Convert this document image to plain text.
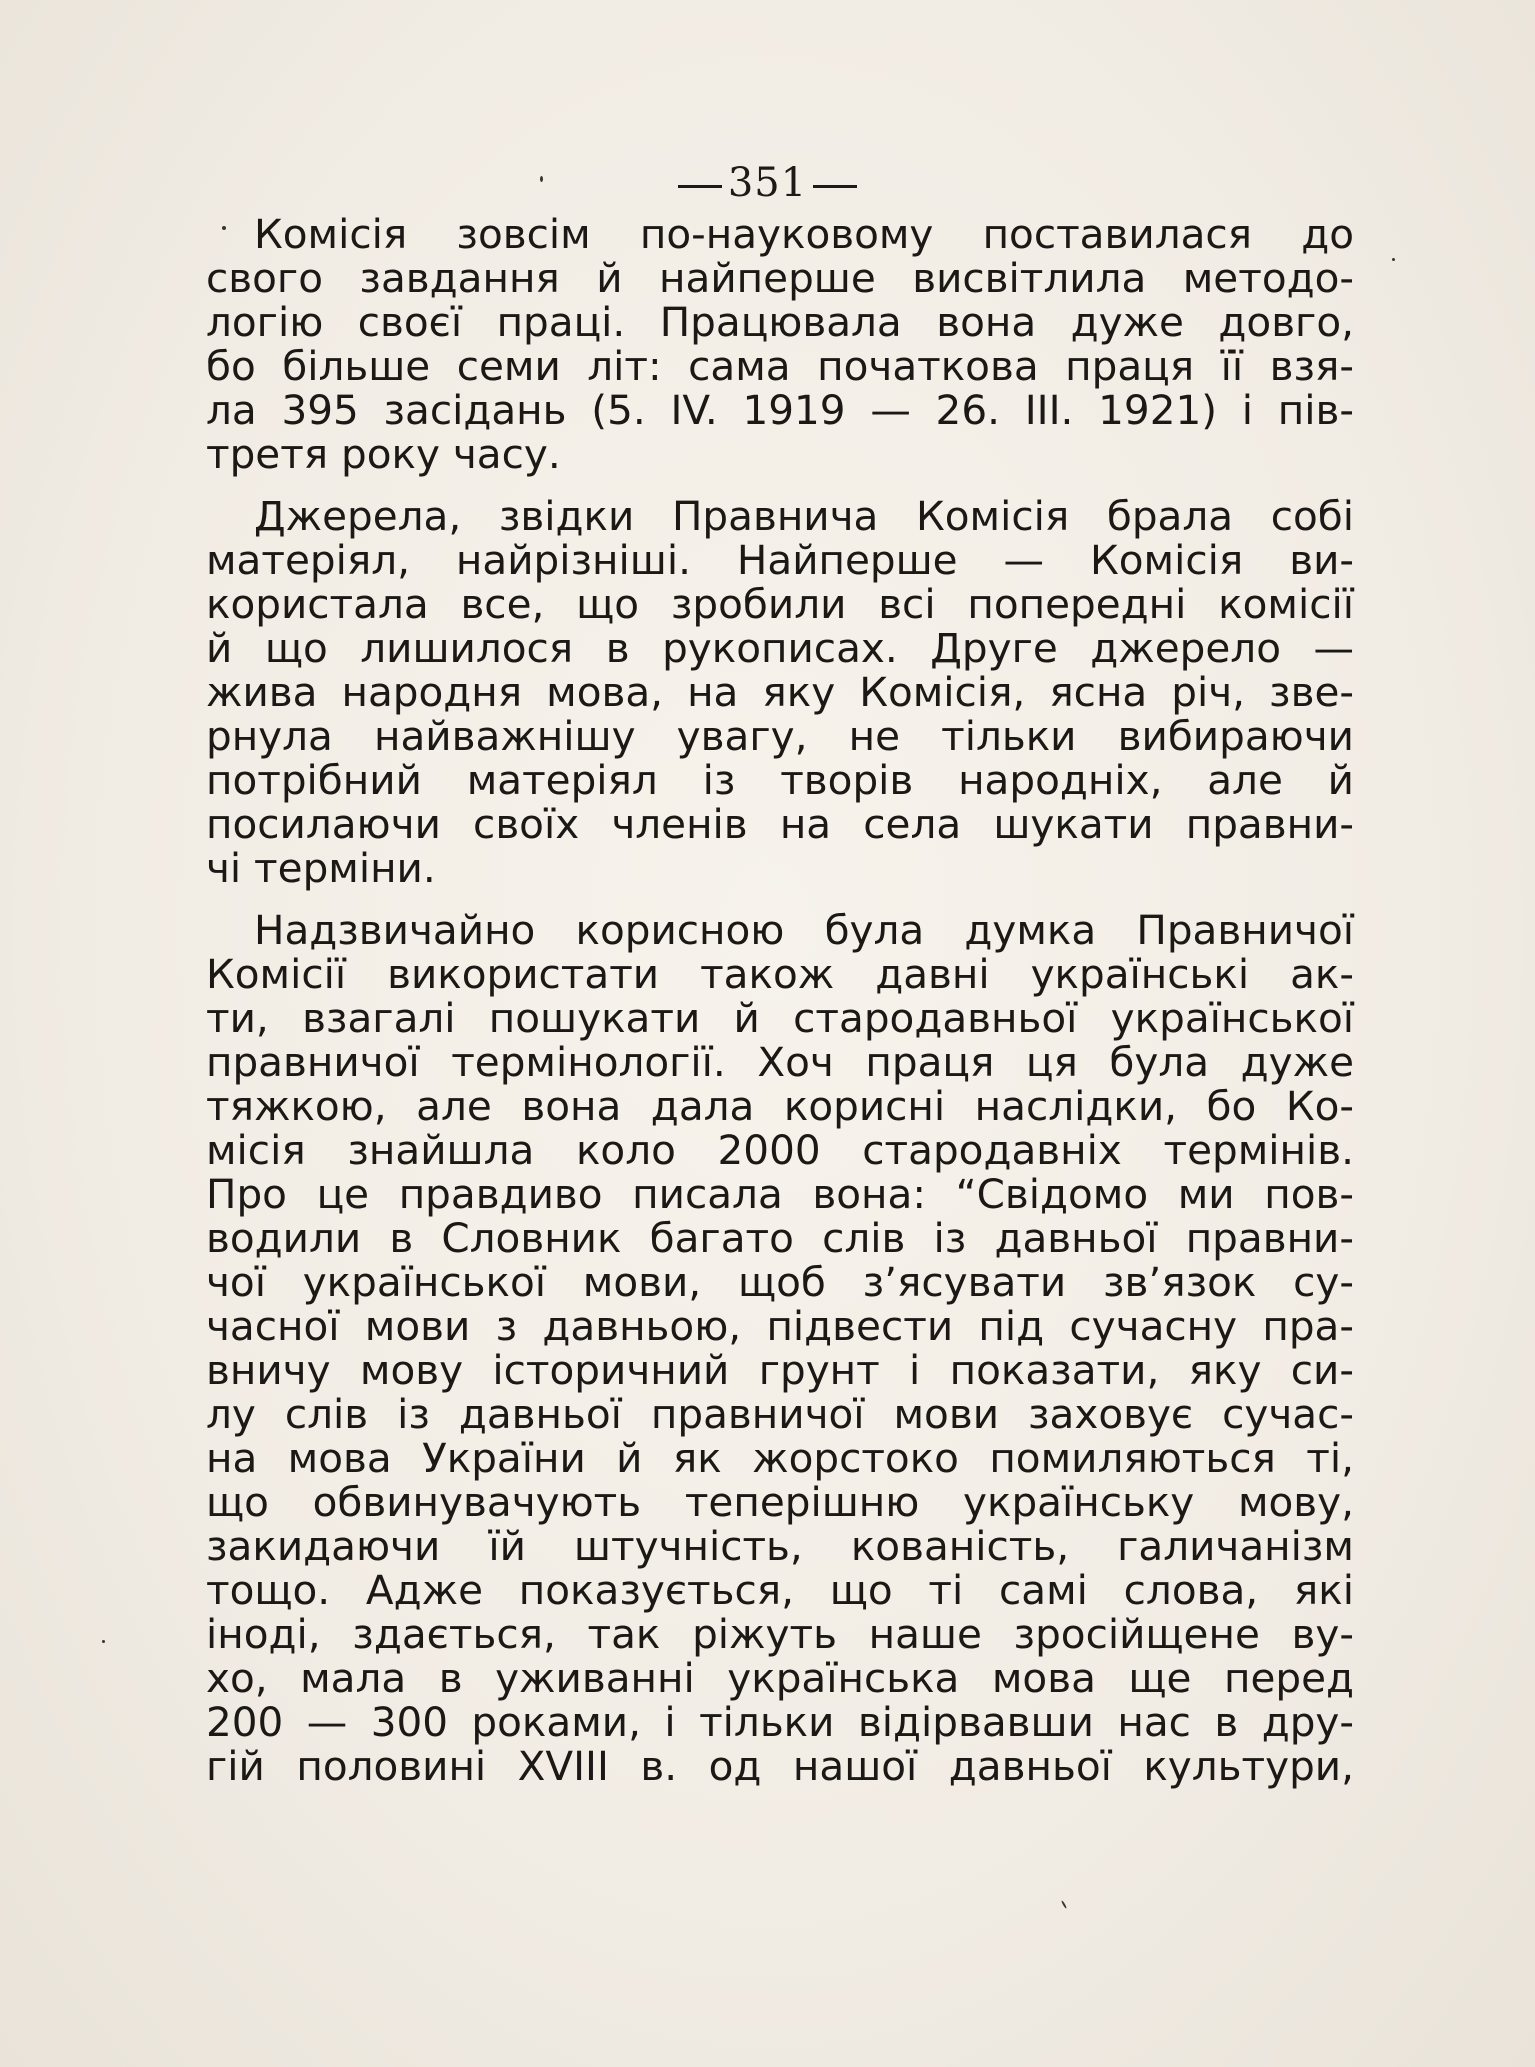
351
Комісія зовсім по-науковому поставилася до
свого завдання й найперше висвітлила методо-
логію своєї праці. Працювала вона дуже довго,
бо більше семи літ: сама початкова праця її взя-
ла 395 засідань (5. IV. 1919 — 26. III. 1921) і пів-
третя року часу.
Джерела, звідки Правнича Комісія брала собі
матеріял, найрізніші. Найперше — Комісія ви-
користала все, що зробили всі попередні комісії
й що лишилося в рукописах. Друге джерело —
жива народня мова, на яку Комісія, ясна річ, зве-
рнула найважнішу увагу, не тільки вибираючи
потрібний матеріял із творів народніх, але й
посилаючи своїх членів на села шукати правни-
чі терміни.
Надзвичайно корисною була думка Правничої
Комісії використати також давні українські ак-
ти, взагалі пошукати й стародавньої української
правничої термінології. Хоч праця ця була дуже
тяжкою, але вона дала корисні наслідки, бо Ко-
місія знайшла коло 2000 стародавніх термінів.
Про це правдиво писала вона: “Свідомо ми пов-
водили в Словник багато слів із давньої правни-
чої української мови, щоб з’ясувати зв’язок су-
часної мови з давньою, підвести під сучасну пра-
вничу мову історичний грунт і показати, яку си-
лу слів із давньої правничої мови заховує сучас-
на мова України й як жорстоко помиляються ті,
що обвинувачують теперішню українську мову,
закидаючи їй штучність, кованість, галичанізм
тощо. Адже показується, що ті самі слова, які
іноді, здається, так ріжуть наше зросійщене ву-
хо, мала в уживанні українська мова ще перед
200 — 300 роками, і тільки відірвавши нас в дру-
гій половині XVIII в. од нашої давньої культури,
